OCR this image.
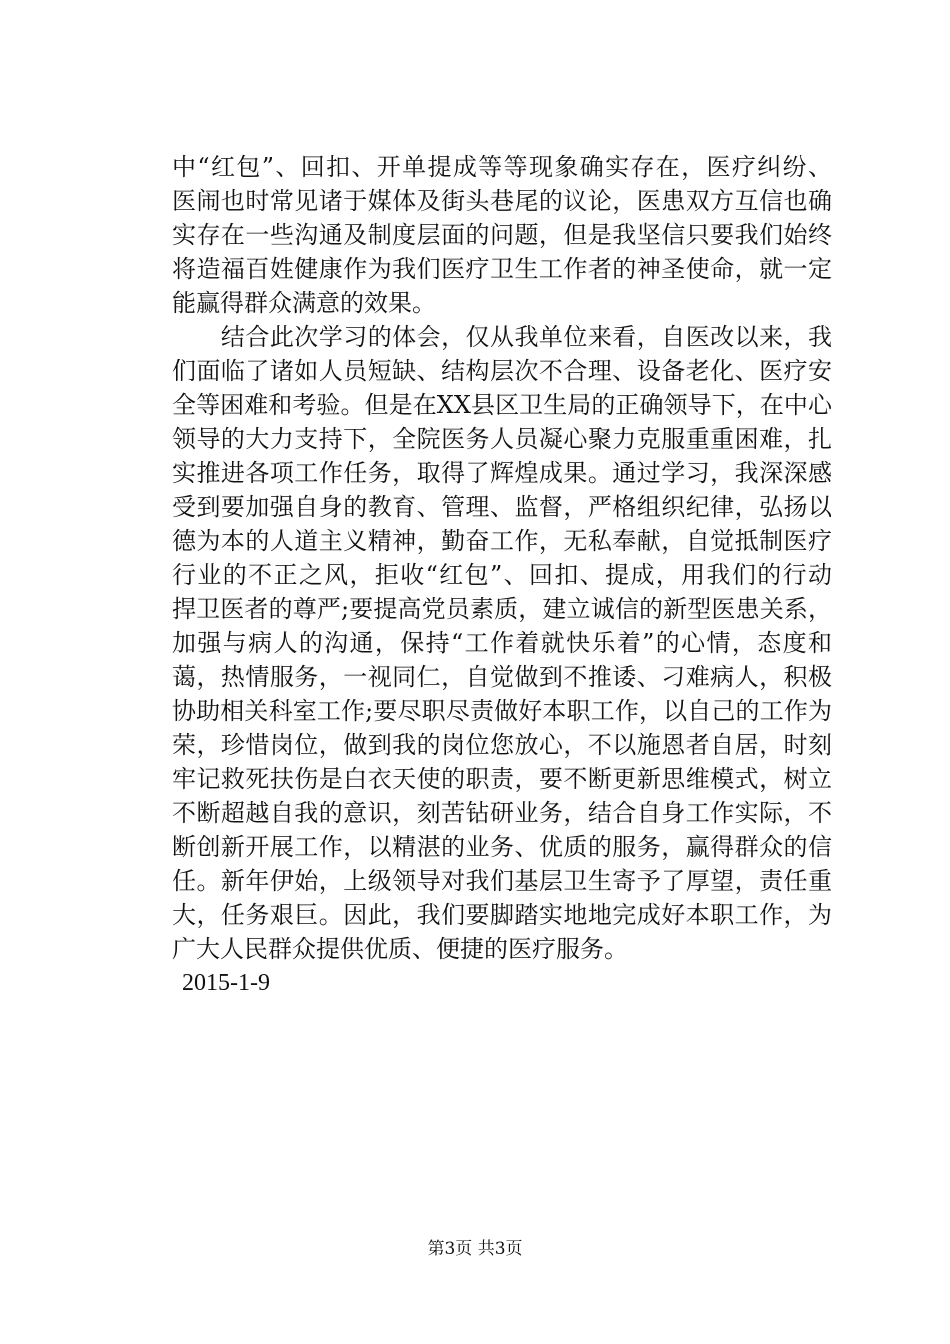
中“红包”、回扣、开单提成等等现象确实存在，医疗纠纷、
医闹也时常见诸于媒体及街头巷尾的议论，医患双方互信也确
实存在一些沟通及制度层面的问题，但是我坚信只要我们始终
将造福百姓健康作为我们医疗卫生工作者的神圣使命，就一定
能赢得群众满意的效果。
　　结合此次学习的体会，仅从我单位来看，自医改以来，我
们面临了诸如人员短缺、结构层次不合理、设备老化、医疗安
全等困难和考验。但是在XX县区卫生局的正确领导下，在中心
领导的大力支持下，全院医务人员凝心聚力克服重重困难，扎
实推进各项工作任务，取得了辉煌成果。通过学习，我深深感
受到要加强自身的教育、管理、监督，严格组织纪律，弘扬以
德为本的人道主义精神，勤奋工作，无私奉献，自觉抵制医疗
行业的不正之风，拒收“红包”、回扣、提成，用我们的行动
捍卫医者的尊严;要提高党员素质，建立诚信的新型医患关系，
加强与病人的沟通，保持“工作着就快乐着”的心情，态度和
蔼，热情服务，一视同仁，自觉做到不推诿、刁难病人，积极
协助相关科室工作;要尽职尽责做好本职工作，以自己的工作为
荣，珍惜岗位，做到我的岗位您放心，不以施恩者自居，时刻
牢记救死扶伤是白衣天使的职责，要不断更新思维模式，树立
不断超越自我的意识，刻苦钻研业务，结合自身工作实际，不
断创新开展工作，以精湛的业务、优质的服务，赢得群众的信
任。新年伊始，上级领导对我们基层卫生寄予了厚望，责任重
大，任务艰巨。因此，我们要脚踏实地地完成好本职工作，为
广大人民群众提供优质、便捷的医疗服务。
2015-1-9
第3页 共3页
